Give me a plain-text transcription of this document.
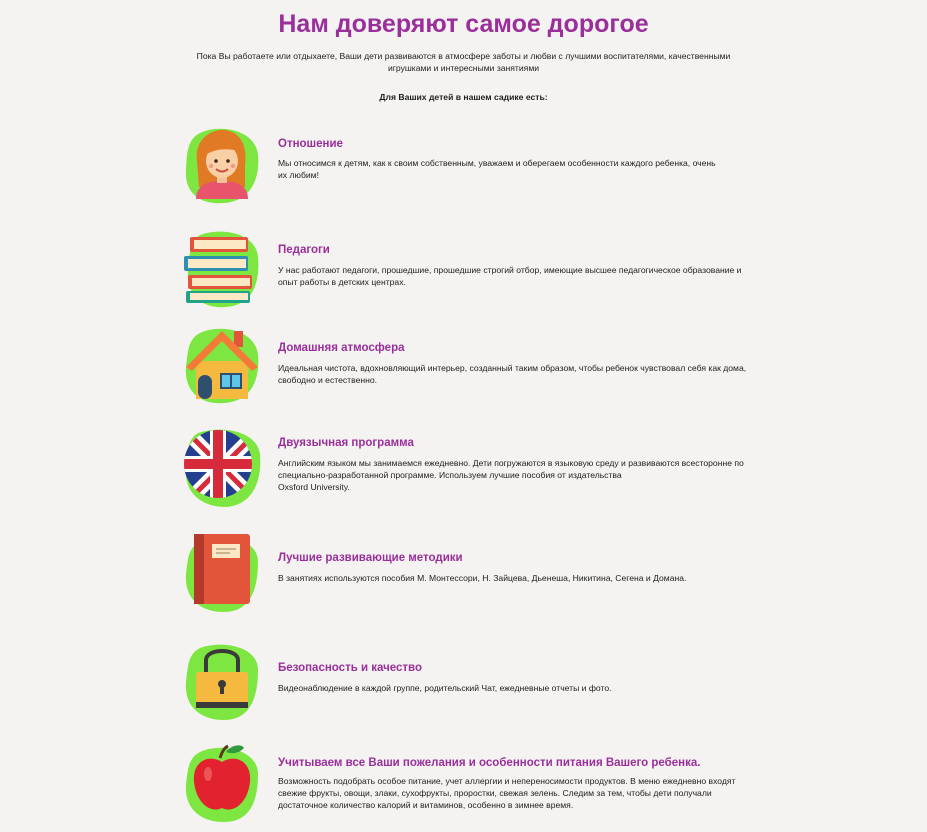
Нам доверяют самое дорогое

Пока Вы работаете или отдыхаете, Ваши дети развиваются в атмосфере заботы и любви с лучшими воспитателями, качественными игрушками и интересными занятиями

Для Ваших детей в нашем садике есть:

Отношение

Мы относимся к детям, как к своим собственным, уважаем и оберегаем особенности каждого ребенка, очень
их любим!

Педагоги

У нас работают педагоги, прошедшие, прошедшие строгий отбор, имеющие высшее педагогическое образование и
опыт работы в детских центрах.

Домашняя атмосфера

Идеальная чистота, вдохновляющий интерьер, созданный таким образом, чтобы ребенок чувствовал себя как дома,
свободно и естественно.

Двуязычная программа

Английским языком мы занимаемся ежедневно. Дети погружаются в языковую среду и развиваются всесторонне по
специально-разработанной программе. Используем лучшие пособия от издательства
Oxsford University.

Лучшие развивающие методики

В занятиях используются пособия М. Монтессори, Н. Зайцева, Дьенеша, Никитина, Сегена и Домана.

Безопасность и качество

Видеонаблюдение в каждой группе, родительский Чат, ежедневные отчеты и фото.

Учитываем все Ваши пожелания и особенности питания Вашего ребенка.

Возможность подобрать особое питание, учет аллергии и непереносимости продуктов. В меню ежедневно входят
свежие фрукты, овощи, злаки, сухофрукты, проростки, свежая зелень. Следим за тем, чтобы дети получали
достаточное количество калорий и витаминов, особенно в зимнее время.
